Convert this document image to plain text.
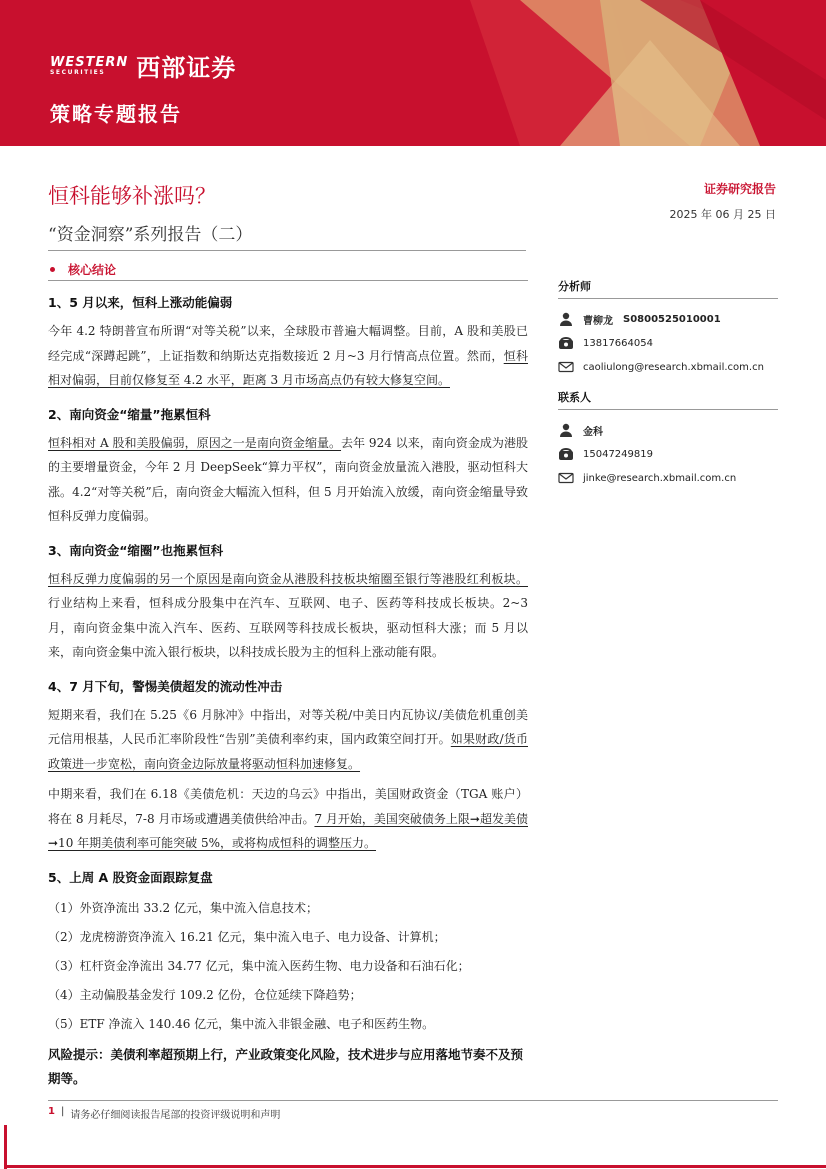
WESTERN
SECURITIES	西部证券
策略专题报告
恒科能够补涨吗？
“资金洞察”系列报告（二）
证券研究报告
2025 年 06 月 25 日
核心结论
1、5 月以来，恒科上涨动能偏弱
今年 4.2 特朗普宣布所谓“对等关税”以来，全球股市普遍大幅调整。目前，A 股和美股已经完成“深蹲起跳”，上证指数和纳斯达克指数接近 2 月~3 月行情高点位置。然而，恒科相对偏弱，目前仅修复至 4.2 水平，距离 3 月市场高点仍有较大修复空间。
2、南向资金“缩量”拖累恒科
恒科相对 A 股和美股偏弱，原因之一是南向资金缩量。去年 924 以来，南向资金成为港股的主要增量资金，今年 2 月 DeepSeek“算力平权”，南向资金放量流入港股，驱动恒科大涨。4.2“对等关税”后，南向资金大幅流入恒科，但 5 月开始流入放缓，南向资金缩量导致恒科反弹力度偏弱。
3、南向资金“缩圈”也拖累恒科
恒科反弹力度偏弱的另一个原因是南向资金从港股科技板块缩圈至银行等港股红利板块。行业结构上来看，恒科成分股集中在汽车、互联网、电子、医药等科技成长板块。2~3 月，南向资金集中流入汽车、医药、互联网等科技成长板块，驱动恒科大涨；而 5 月以来，南向资金集中流入银行板块，以科技成长股为主的恒科上涨动能有限。
4、7 月下旬，警惕美债超发的流动性冲击
短期来看，我们在 5.25《6 月脉冲》中指出，对等关税/中美日内瓦协议/美债危机重创美元信用根基，人民币汇率阶段性“告别”美债利率约束，国内政策空间打开。如果财政/货币政策进一步宽松，南向资金边际放量将驱动恒科加速修复。
中期来看，我们在 6.18《美债危机：天边的乌云》中指出，美国财政资金（TGA 账户）将在 8 月耗尽，7-8 月市场或遭遇美债供给冲击。7 月开始，美国突破债务上限➞超发美债➞10 年期美债利率可能突破 5%，或将构成恒科的调整压力。
5、上周 A 股资金面跟踪复盘
（1）外资净流出 33.2 亿元，集中流入信息技术；
（2）龙虎榜游资净流入 16.21 亿元，集中流入电子、电力设备、计算机；
（3）杠杆资金净流出 34.77 亿元，集中流入医药生物、电力设备和石油石化；
（4）主动偏股基金发行 109.2 亿份，仓位延续下降趋势；
（5）ETF 净流入 140.46 亿元，集中流入非银金融、电子和医药生物。
风险提示：美债利率超预期上行，产业政策变化风险，技术进步与应用落地节奏不及预期等。
分析师
曹柳龙 S0800525010001
13817664054
caoliulong@research.xbmail.com.cn
联系人
金科
15047249819
jinke@research.xbmail.com.cn
1 | 请务必仔细阅读报告尾部的投资评级说明和声明
